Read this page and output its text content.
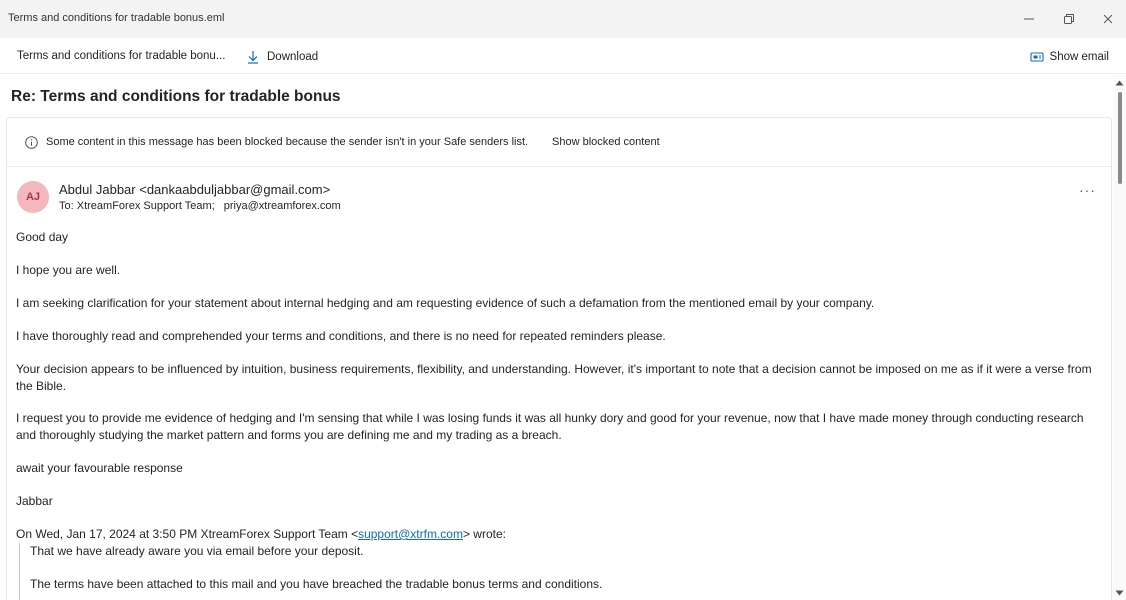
Terms and conditions for tradable bonus.eml
Terms and conditions for tradable bonu...	Download	Show email
Re: Terms and conditions for tradable bonus
Some content in this message has been blocked because the sender isn't in your Safe senders list. Show blocked content
AJ	Abdul Jabbar <dankaabduljabbar@gmail.com>
To: XtreamForex Support Team; priya@xtreamforex.com
···
Good day
I hope you are well.
I am seeking clarification for your statement about internal hedging and am requesting evidence of such a defamation from the mentioned email by your company.
I have thoroughly read and comprehended your terms and conditions, and there is no need for repeated reminders please.
Your decision appears to be influenced by intuition, business requirements, flexibility, and understanding. However, it's important to note that a decision cannot be imposed on me as if it were a verse from the Bible.
I request you to provide me evidence of hedging and I'm sensing that while I was losing funds it was all hunky dory and good for your revenue, now that I have made money through conducting research and thoroughly studying the market pattern and forms you are defining me and my trading as a breach.
await your favourable response
Jabbar
On Wed, Jan 17, 2024 at 3:50 PM XtreamForex Support Team <support@xtrfm.com> wrote:
That we have already aware you via email before your deposit.
The terms have been attached to this mail and you have breached the tradable bonus terms and conditions.
